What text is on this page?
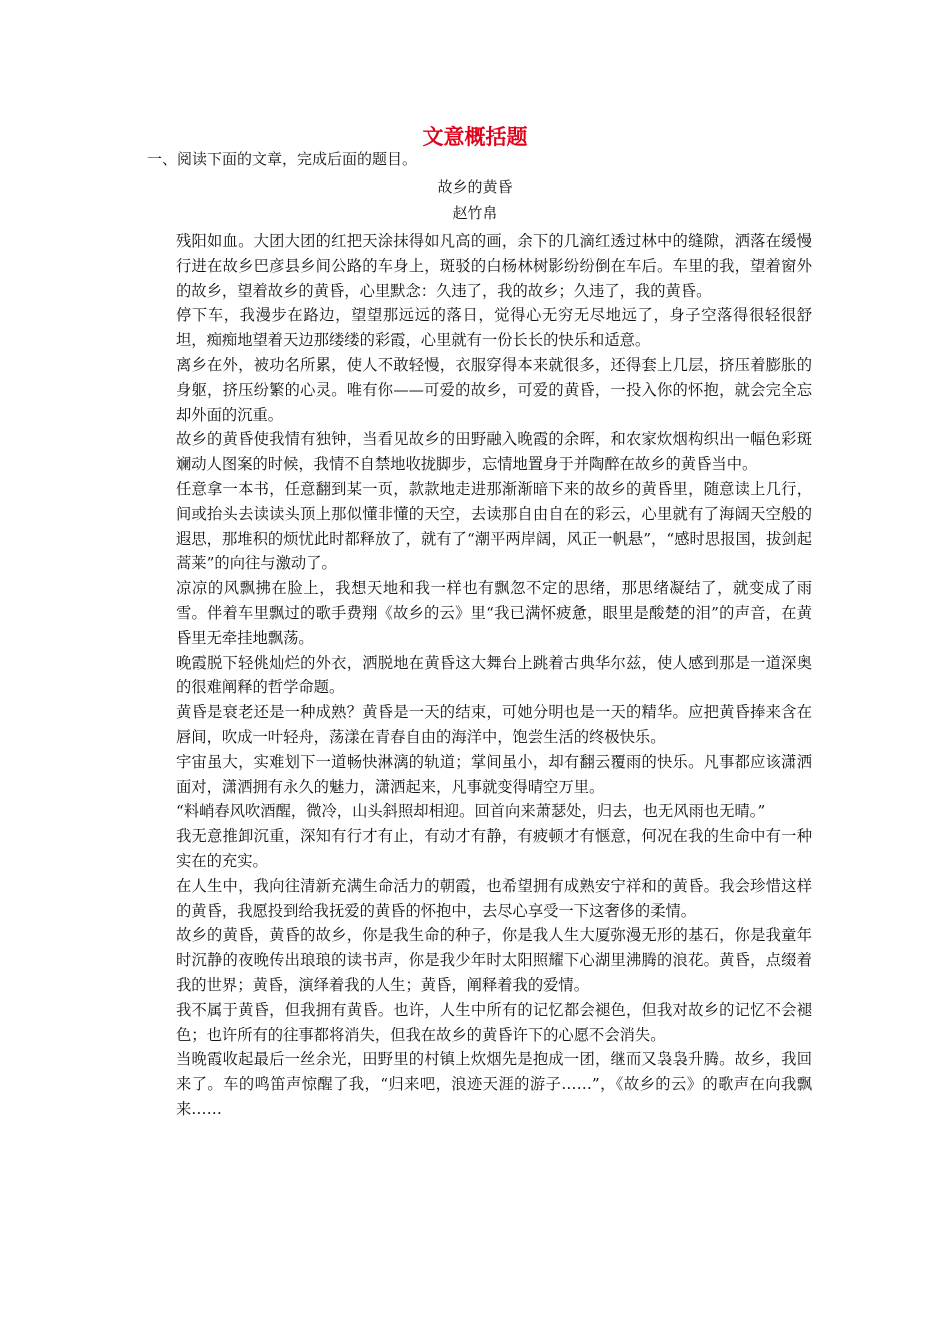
文意概括题
一、阅读下面的文章，完成后面的题目。
故乡的黄昏
赵竹帛

残阳如血。大团大团的红把天涂抹得如凡高的画，余下的几滴红透过林中的缝隙，洒落在缓慢行进在故乡巴彦县乡间公路的车身上，斑驳的白杨林树影纷纷倒在车后。车里的我，望着窗外的故乡，望着故乡的黄昏，心里默念：久违了，我的故乡；久违了，我的黄昏。

停下车，我漫步在路边，望望那远远的落日，觉得心无穷无尽地远了，身子空落得很轻很舒坦，痴痴地望着天边那缕缕的彩霞，心里就有一份长长的快乐和适意。

离乡在外，被功名所累，使人不敢轻慢，衣服穿得本来就很多，还得套上几层，挤压着膨胀的身躯，挤压纷繁的心灵。唯有你——可爱的故乡，可爱的黄昏，一投入你的怀抱，就会完全忘却外面的沉重。

故乡的黄昏使我情有独钟，当看见故乡的田野融入晚霞的余晖，和农家炊烟构织出一幅色彩斑斓动人图案的时候，我情不自禁地收拢脚步，忘情地置身于并陶醉在故乡的黄昏当中。

任意拿一本书，任意翻到某一页，款款地走进那渐渐暗下来的故乡的黄昏里，随意读上几行，间或抬头去读读头顶上那似懂非懂的天空，去读那自由自在的彩云，心里就有了海阔天空般的遐思，那堆积的烦忧此时都释放了，就有了“潮平两岸阔，风正一帆悬”，“感时思报国，拔剑起蒿莱”的向往与激动了。

凉凉的风飘拂在脸上，我想天地和我一样也有飘忽不定的思绪，那思绪凝结了，就变成了雨雪。伴着车里飘过的歌手费翔《故乡的云》里“我已满怀疲惫，眼里是酸楚的泪”的声音，在黄昏里无牵挂地飘荡。

晚霞脱下轻佻灿烂的外衣，洒脱地在黄昏这大舞台上跳着古典华尔兹，使人感到那是一道深奥的很难阐释的哲学命题。

黄昏是衰老还是一种成熟？黄昏是一天的结束，可她分明也是一天的精华。应把黄昏捧来含在唇间，吹成一叶轻舟，荡漾在青春自由的海洋中，饱尝生活的终极快乐。

宇宙虽大，实难划下一道畅快淋漓的轨道；掌间虽小，却有翻云覆雨的快乐。凡事都应该潇洒面对，潇洒拥有永久的魅力，潇洒起来，凡事就变得晴空万里。

“料峭春风吹酒醒，微冷，山头斜照却相迎。回首向来萧瑟处，归去，也无风雨也无晴。”

我无意推卸沉重，深知有行才有止，有动才有静，有疲顿才有惬意，何况在我的生命中有一种实在的充实。

在人生中，我向往清新充满生命活力的朝霞，也希望拥有成熟安宁祥和的黄昏。我会珍惜这样的黄昏，我愿投到给我抚爱的黄昏的怀抱中，去尽心享受一下这奢侈的柔情。

故乡的黄昏，黄昏的故乡，你是我生命的种子，你是我人生大厦弥漫无形的基石，你是我童年时沉静的夜晚传出琅琅的读书声，你是我少年时太阳照耀下心湖里沸腾的浪花。黄昏，点缀着我的世界；黄昏，演绎着我的人生；黄昏，阐释着我的爱情。

我不属于黄昏，但我拥有黄昏。也许，人生中所有的记忆都会褪色，但我对故乡的记忆不会褪色；也许所有的往事都将消失，但我在故乡的黄昏许下的心愿不会消失。

当晚霞收起最后一丝余光，田野里的村镇上炊烟先是抱成一团，继而又袅袅升腾。故乡，我回来了。车的鸣笛声惊醒了我，“归来吧，浪迹天涯的游子……”，《故乡的云》的歌声在向我飘来……
